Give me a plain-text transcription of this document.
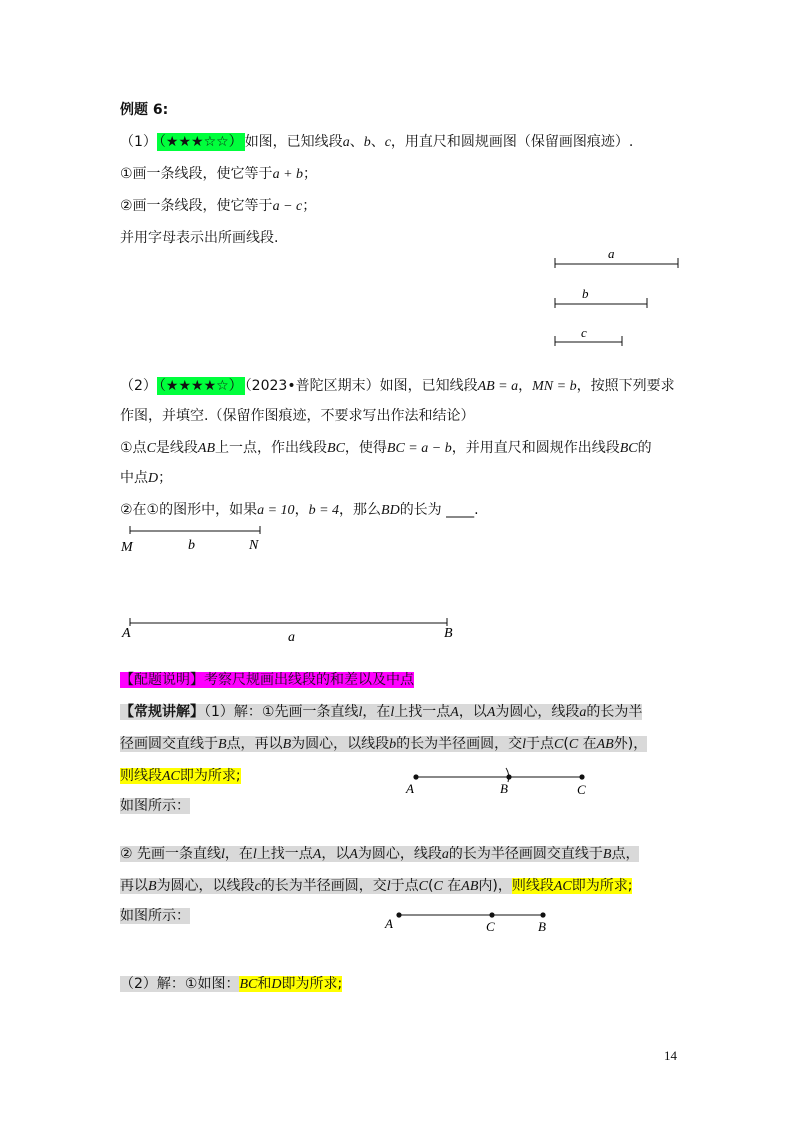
例题 6:
（1） （★★★☆☆） 如图，已知线段a、b、c，用直尺和圆规画图（保留画图痕迹）.
①画一条线段，使它等于a + b；
②画一条线段，使它等于a − c；
并用字母表示出所画线段.
a
b
c
（2） （★★★★☆） （2023•普陀区期末）如图，已知线段AB = a，MN = b，按照下列要求
作图，并填空.（保留作图痕迹，不要求写出作法和结论）
①点C是线段AB上一点，作出线段BC，使得BC = a − b，并用直尺和圆规作出线段BC的
中点D；
②在①的图形中，如果a = 10，b = 4，那么BD的长为 ____.
M	b	N
A	a	B
【配题说明】考察尺规画出线段的和差以及中点
【常规讲解】（1）解：①先画一条直线l，在l上找一点A，以A为圆心，线段a的长为半
径画圆交直线于B点，再以B为圆心，以线段b的长为半径画圆，交l于点C(C 在AB外)，
则线段AC即为所求;
如图所示：
A	B	C
② 先画一条直线l，在l上找一点A，以A为圆心，线段a的长为半径画圆交直线于B点，
再以B为圆心，以线段c的长为半径画圆，交l于点C(C 在AB内)，则线段AC即为所求;
如图所示：	A	C	B
（2）解：①如图：BC和D即为所求;
14
